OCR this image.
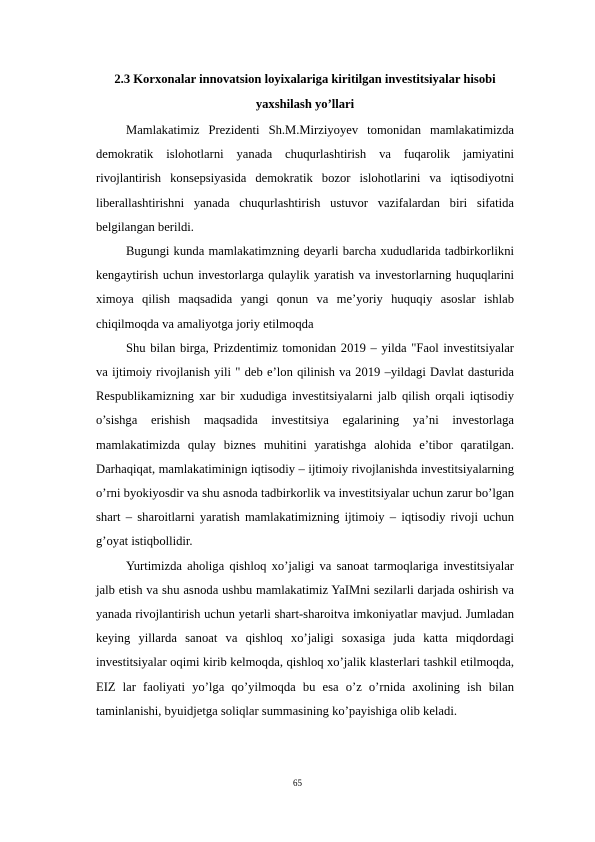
2.3 Korxonalar innovatsion loyixalariga kiritilgan investitsiyalar hisobi
yaxshilash yo’llari

Mamlakatimiz Prezidenti Sh.M.Mirziyoyev tomonidan mamlakatimizda demokratik islohotlarni yanada chuqurlashtirish va fuqarolik jamiyatini rivojlantirish konsepsiyasida demokratik bozor islohotlarini va iqtisodiyotni liberallashtirishni yanada chuqurlashtirish ustuvor vazifalardan biri sifatida belgilangan berildi.

Bugungi kunda mamlakatimzning deyarli barcha xududlarida tadbirkorlikni kengaytirish uchun investorlarga qulaylik yaratish va investorlarning huquqlarini ximoya qilish maqsadida yangi qonun va me’yoriy huquqiy asoslar ishlab chiqilmoqda va amaliyotga joriy etilmoqda

Shu bilan birga, Prizdentimiz tomonidan 2019 – yilda "Faol investitsiyalar va ijtimoiy rivojlanish yili " deb e’lon qilinish va 2019 –yildagi Davlat dasturida Respublikamizning xar bir xududiga investitsiyalarni jalb qilish orqali iqtisodiy o’sishga erishish maqsadida investitsiya egalarining ya’ni investorlaga mamlakatimizda qulay biznes muhitini yaratishga alohida e’tibor qaratilgan. Darhaqiqat, mamlakatiminign iqtisodiy – ijtimoiy rivojlanishda investitsiyalarning o’rni byokiyosdir va shu asnoda tadbirkorlik va investitsiyalar uchun zarur bo’lgan shart – sharoitlarni yaratish mamlakatimizning ijtimoiy – iqtisodiy rivoji uchun g’oyat istiqbollidir.

Yurtimizda aholiga qishloq xo’jaligi va sanoat tarmoqlariga investitsiyalar jalb etish va shu asnoda ushbu mamlakatimiz YaIMni sezilarli darjada oshirish va yanada rivojlantirish uchun yetarli shart-sharoitva imkoniyatlar mavjud. Jumladan keying yillarda sanoat va qishloq xo’jaligi soxasiga juda katta miqdordagi investitsiyalar oqimi kirib kelmoqda, qishloq xo’jalik klasterlari tashkil etilmoqda, EIZ lar faoliyati yo’lga qo’yilmoqda bu esa o’z o’rnida axolining ish bilan taminlanishi, byuidjetga soliqlar summasining ko’payishiga olib keladi.

65
